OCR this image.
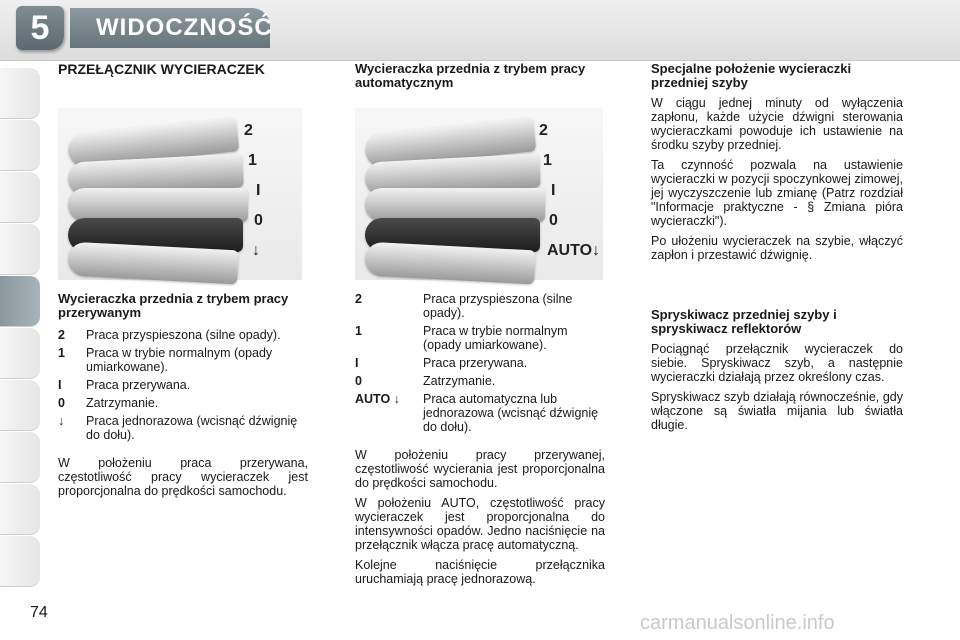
5	WIDOCZNOŚĆ

PRZEŁĄCZNIK WYCIERACZEK

2
1
I
0
↓

Wycieraczka przednia z trybem pracy przerywanym

2	Praca przyspieszona (silne opady).
1	Praca w trybie normalnym (opady umiarkowane).
I	Praca przerywana.
0	Zatrzymanie.
↓	Praca jednorazowa (wcisnąć dźwignię do dołu).

W położeniu praca przerywana, częstotliwość pracy wycieraczek jest proporcjonalna do prędkości samochodu.

Wycieraczka przednia z trybem pracy automatycznym

2
1
I
0
AUTO↓
2	Praca przyspieszona (silne opady).
1	Praca w trybie normalnym (opady umiarkowane).
I	Praca przerywana.
0	Zatrzymanie.
AUTO ↓	Praca automatyczna lub jednorazowa (wcisnąć dźwignię do dołu).

W położeniu pracy przerywanej, częstotliwość wycierania jest proporcjonalna do prędkości samochodu.

W położeniu AUTO, częstotliwość pracy wycieraczek jest proporcjonalna do intensywności opadów. Jedno naciśnięcie na przełącznik włącza pracę automatyczną.

Kolejne naciśnięcie przełącznika uruchamiają pracę jednorazową.

Specjalne położenie wycieraczki przedniej szyby

W ciągu jednej minuty od wyłączenia zapłonu, każde użycie dźwigni sterowania wycieraczkami powoduje ich ustawienie na środku szyby przedniej.

Ta czynność pozwala na ustawienie wycieraczki w pozycji spoczynkowej zimowej, jej wyczyszczenie lub zmianę (Patrz rozdział "Informacje praktyczne - § Zmiana pióra wycieraczki").

Po ułożeniu wycieraczek na szybie, włączyć zapłon i przestawić dźwignię.

Spryskiwacz przedniej szyby i spryskiwacz reflektorów

Pociągnąć przełącznik wycieraczek do siebie. Spryskiwacz szyb, a następnie wycieraczki działają przez określony czas.

Spryskiwacz szyb działają równocześnie, gdy włączone są światła mijania lub światła długie.

74	carmanualsonline.info
